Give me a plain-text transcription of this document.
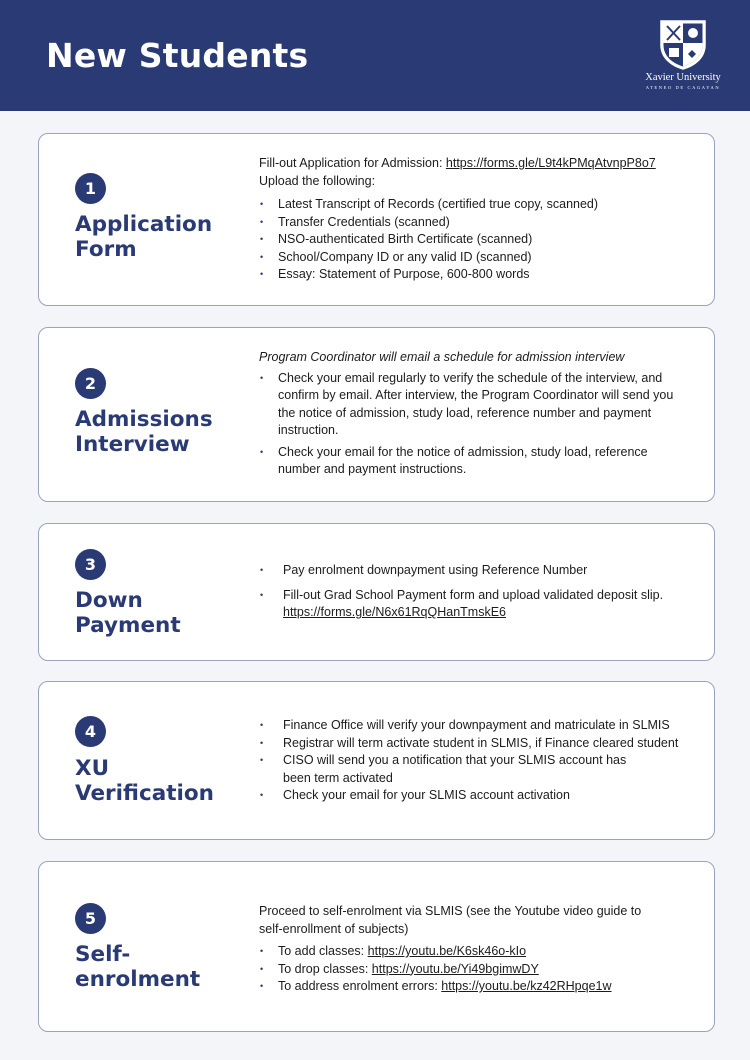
New Students
Xavier University
ATENEO DE CAGAYAN
1
Application
Form

Fill-out Application for Admission: https://forms.gle/L9t4kPMqAtvnpP8o7

Upload the following:

• Latest Transcript of Records (certified true copy, scanned)
• Transfer Credentials (scanned)
• NSO-authenticated Birth Certificate (scanned)
• School/Company ID or any valid ID (scanned)
• Essay: Statement of Purpose, 600-800 words
2
Admissions
Interview

Program Coordinator will email a schedule for admission interview

• Check your email regularly to verify the schedule of the interview, and confirm by email. After interview, the Program Coordinator will send you the notice of admission, study load, reference number and payment instruction.
• Check your email for the notice of admission, study load, reference number and payment instructions.
3
Down
Payment
• Pay enrolment downpayment using Reference Number
• Fill-out Grad School Payment form and upload validated deposit slip.
https://forms.gle/N6x61RqQHanTmskE6
4
XU
Verification
• Finance Office will verify your downpayment and matriculate in SLMIS
• Registrar will term activate student in SLMIS, if Finance cleared student
• CISO will send you a notification that your SLMIS account has been term activated
• Check your email for your SLMIS account activation
5
Self-
enrolment

Proceed to self-enrolment via SLMIS (see the Youtube video guide to self-enrollment of subjects)

• To add classes: https://youtu.be/K6sk46o-kIo
• To drop classes: https://youtu.be/Yi49bgimwDY
• To address enrolment errors: https://youtu.be/kz42RHpqe1w
